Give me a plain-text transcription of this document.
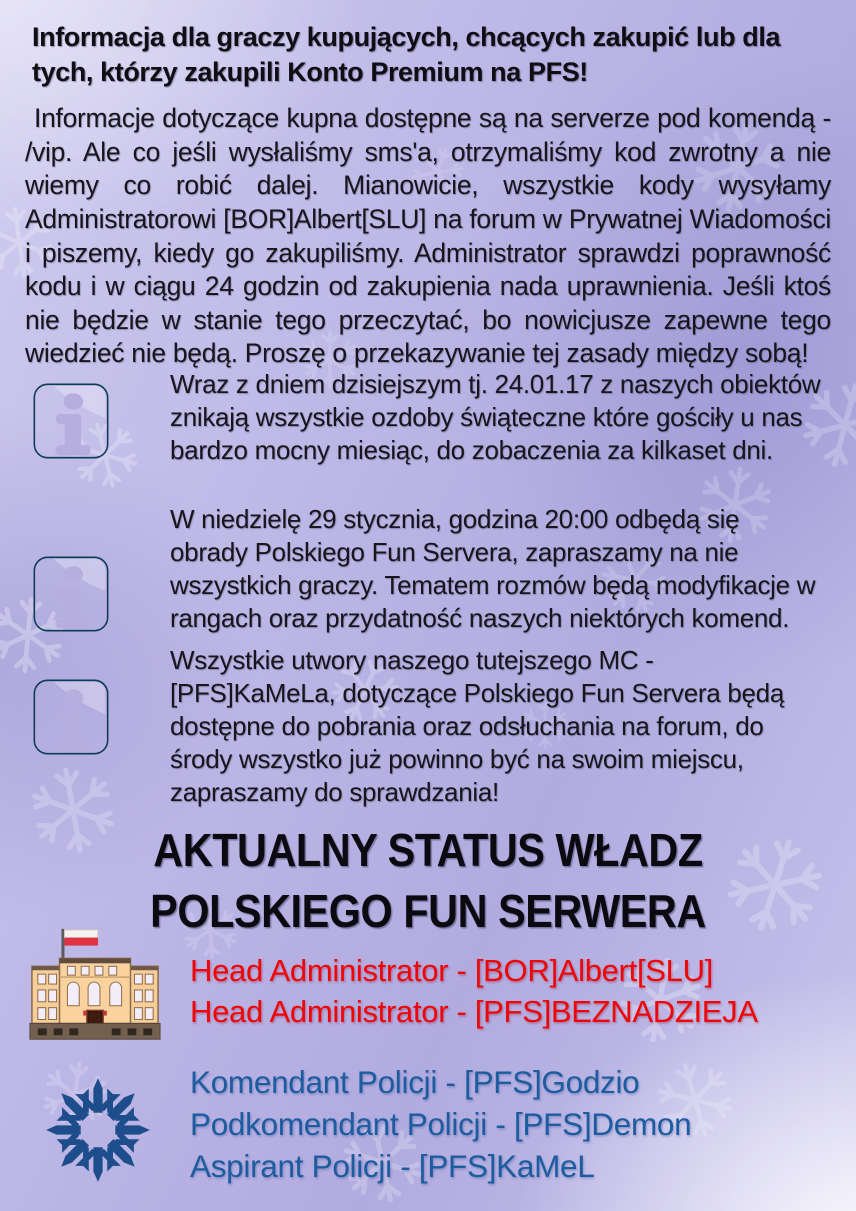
Informacja dla graczy kupujących, chcących zakupić lub dla tych, którzy zakupili Konto Premium na PFS!
Informacje dotyczące kupna dostępne są na serverze pod komendą - /vip. Ale co jeśli wysłaliśmy sms'a, otrzymaliśmy kod zwrotny a nie wiemy co robić dalej. Mianowicie, wszystkie kody wysyłamy Administratorowi [BOR]Albert[SLU] na forum w Prywatnej Wiadomości i piszemy, kiedy go zakupiliśmy. Administrator sprawdzi poprawność kodu i w ciągu 24 godzin od zakupienia nada uprawnienia. Jeśli ktoś nie będzie w stanie tego przeczytać, bo nowicjusze zapewne tego wiedzieć nie będą. Proszę o przekazywanie tej zasady między sobą!
Wraz z dniem dzisiejszym tj. 24.01.17 z naszych obiektów znikają wszystkie ozdoby świąteczne które gościły u nas bardzo mocny miesiąc, do zobaczenia za kilkaset dni.
W niedzielę 29 stycznia, godzina 20:00 odbędą się obrady Polskiego Fun Servera, zapraszamy na nie wszystkich graczy. Tematem rozmów będą modyfikacje w rangach oraz przydatność naszych niektórych komend.
Wszystkie utwory naszego tutejszego MC - [PFS]KaMeLa, dotyczące Polskiego Fun Servera będą dostępne do pobrania oraz odsłuchania na forum, do środy wszystko już powinno być na swoim miejscu, zapraszamy do sprawdzania!
AKTUALNY STATUS WŁADZ
POLSKIEGO FUN SERWERA
Head Administrator - [BOR]Albert[SLU]
Head Administrator - [PFS]BEZNADZIEJA
Komendant Policji - [PFS]Godzio
Podkomendant Policji - [PFS]Demon
Aspirant Policji - [PFS]KaMeL
